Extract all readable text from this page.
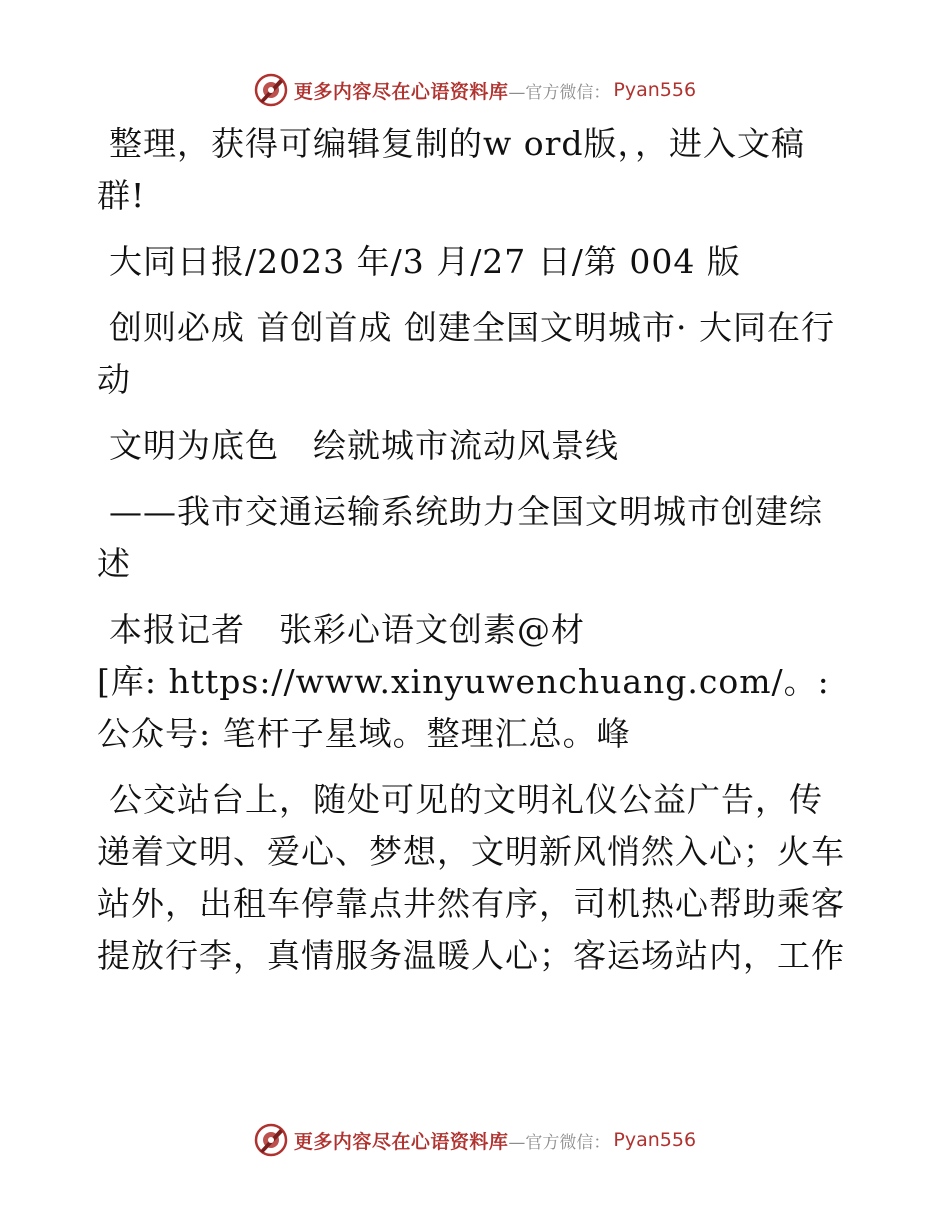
更多内容尽在心语资料库 —官方微信： Pyan556

整理，获得可编辑复制的w ord版，，进入文稿群!

大同日报/2023 年/3 月/27 日/第 004 版

创则必成 首创首成 创建全国文明城市· 大同在行动

文明为底色　绘就城市流动风景线

——我市交通运输系统助力全国文明城市创建综述

本报记者　张彩心语文创素@材

[库: https://www.xinyuwenchuang.com/。:公众号: 笔杆子星域。整理汇总。峰

公交站台上，随处可见的文明礼仪公益广告，传递着文明、爱心、梦想，文明新风悄然入心；火车站外，出租车停靠点井然有序，司机热心帮助乘客提放行李，真情服务温暖人心；客运场站内，工作

更多内容尽在心语资料库 —官方微信： Pyan556
